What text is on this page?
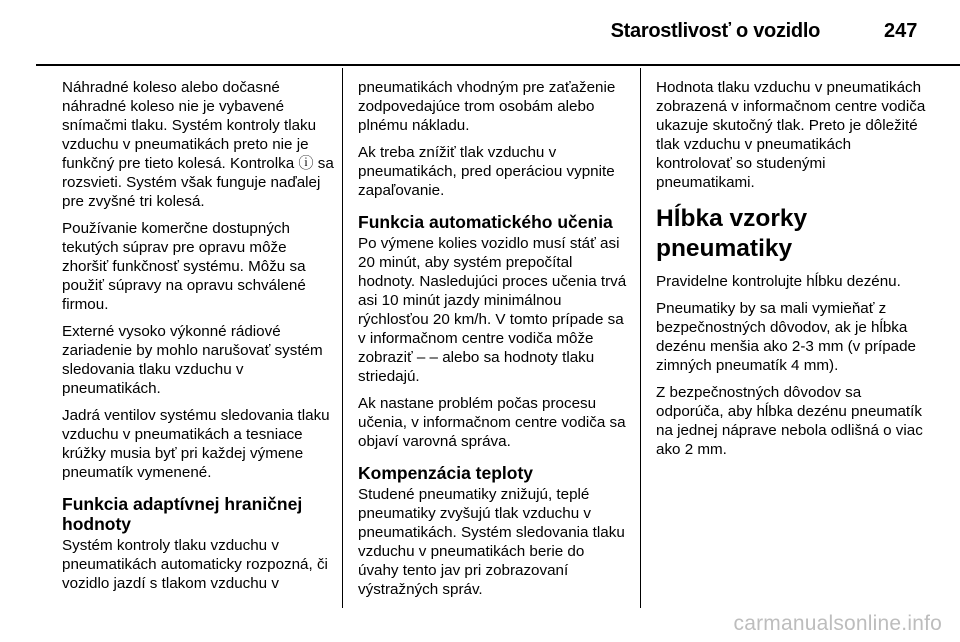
Starostlivosť o vozidlo	247

Náhradné koleso alebo dočasné náhradné koleso nie je vybavené snímačmi tlaku. Systém kontroly tlaku vzduchu v pneumatikách preto nie je funkčný pre tieto kolesá. Kontrolka ⓘ sa rozsvieti. Systém však funguje naďalej pre zvyšné tri kolesá.

Používanie komerčne dostupných tekutých súprav pre opravu môže zhoršiť funkčnosť systému. Môžu sa použiť súpravy na opravu schválené firmou.

Externé vysoko výkonné rádiové zariadenie by mohlo narušovať systém sledovania tlaku vzduchu v pneumatikách.

Jadrá ventilov systému sledovania tlaku vzduchu v pneumatikách a tesniace krúžky musia byť pri každej výmene pneumatík vymenené.

Funkcia adaptívnej hraničnej hodnoty

Systém kontroly tlaku vzduchu v pneumatikách automaticky rozpozná, či vozidlo jazdí s tlakom vzduchu v

pneumatikách vhodným pre zaťaženie zodpovedajúce trom osobám alebo plnému nákladu.

Ak treba znížiť tlak vzduchu v pneumatikách, pred operáciou vypnite zapaľovanie.

Funkcia automatického učenia

Po výmene kolies vozidlo musí stáť asi 20 minút, aby systém prepočítal hodnoty. Nasledujúci proces učenia trvá asi 10 minút jazdy minimálnou rýchlosťou 20 km/h. V tomto prípade sa v informačnom centre vodiča môže zobraziť – – alebo sa hodnoty tlaku striedajú.

Ak nastane problém počas procesu učenia, v informačnom centre vodiča sa objaví varovná správa.

Kompenzácia teploty

Studené pneumatiky znižujú, teplé pneumatiky zvyšujú tlak vzduchu v pneumatikách. Systém sledovania tlaku vzduchu v pneumatikách berie do úvahy tento jav pri zobrazovaní výstražných správ.

Hodnota tlaku vzduchu v pneumatikách zobrazená v informačnom centre vodiča ukazuje skutočný tlak. Preto je dôležité tlak vzduchu v pneumatikách kontrolovať so studenými pneumatikami.

Hĺbka vzorky pneumatiky

Pravidelne kontrolujte hĺbku dezénu.

Pneumatiky by sa mali vymieňať z bezpečnostných dôvodov, ak je hĺbka dezénu menšia ako 2-3 mm (v prípade zimných pneumatík 4 mm).

Z bezpečnostných dôvodov sa odporúča, aby hĺbka dezénu pneumatík na jednej náprave nebola odlišná o viac ako 2 mm.

carmanualsonline.info
